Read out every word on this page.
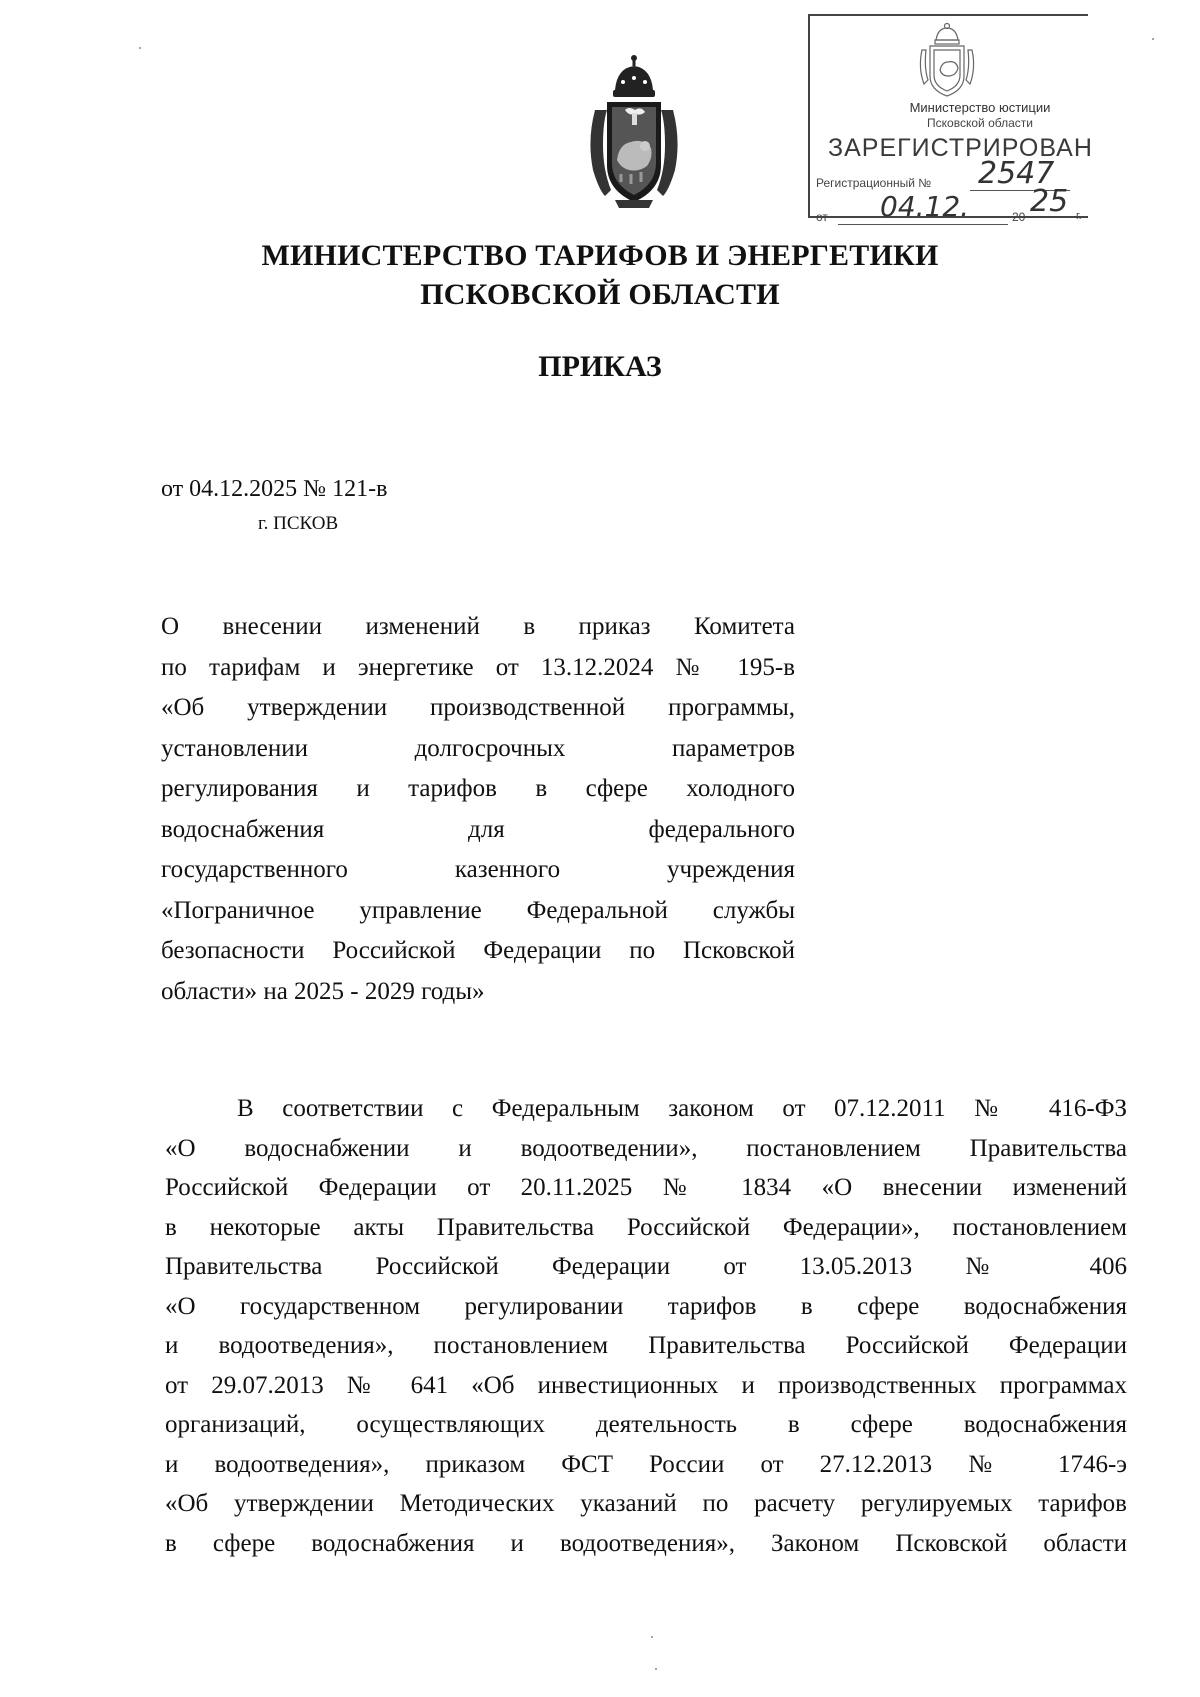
Министерство юстиции
Псковской области
ЗАРЕГИСТРИРОВАН
Регистрационный № 2547
от 04.12.	20 25 г.
МИНИСТЕРСТВО ТАРИФОВ И ЭНЕРГЕТИКИ
ПСКОВСКОЙ ОБЛАСТИ
ПРИКАЗ
от 04.12.2025 № 121-в
г. ПСКОВ
О внесении изменений в приказ Комитета
по тарифам и энергетике от 13.12.2024 № 195-в
«Об утверждении производственной программы,
установлении долгосрочных параметров
регулирования и тарифов в сфере холодного
водоснабжения для федерального
государственного казенного учреждения
«Пограничное управление Федеральной службы
безопасности Российской Федерации по Псковской
области» на 2025 - 2029 годы»
В соответствии с Федеральным законом от 07.12.2011 № 416-ФЗ
«О водоснабжении и водоотведении», постановлением Правительства
Российской Федерации от 20.11.2025 № 1834 «О внесении изменений
в некоторые акты Правительства Российской Федерации», постановлением
Правительства Российской Федерации от 13.05.2013 № 406
«О государственном регулировании тарифов в сфере водоснабжения
и водоотведения», постановлением Правительства Российской Федерации
от 29.07.2013 № 641 «Об инвестиционных и производственных программах
организаций, осуществляющих деятельность в сфере водоснабжения
и водоотведения», приказом ФСТ России от 27.12.2013 № 1746-э
«Об утверждении Методических указаний по расчету регулируемых тарифов
в сфере водоснабжения и водоотведения», Законом Псковской области
